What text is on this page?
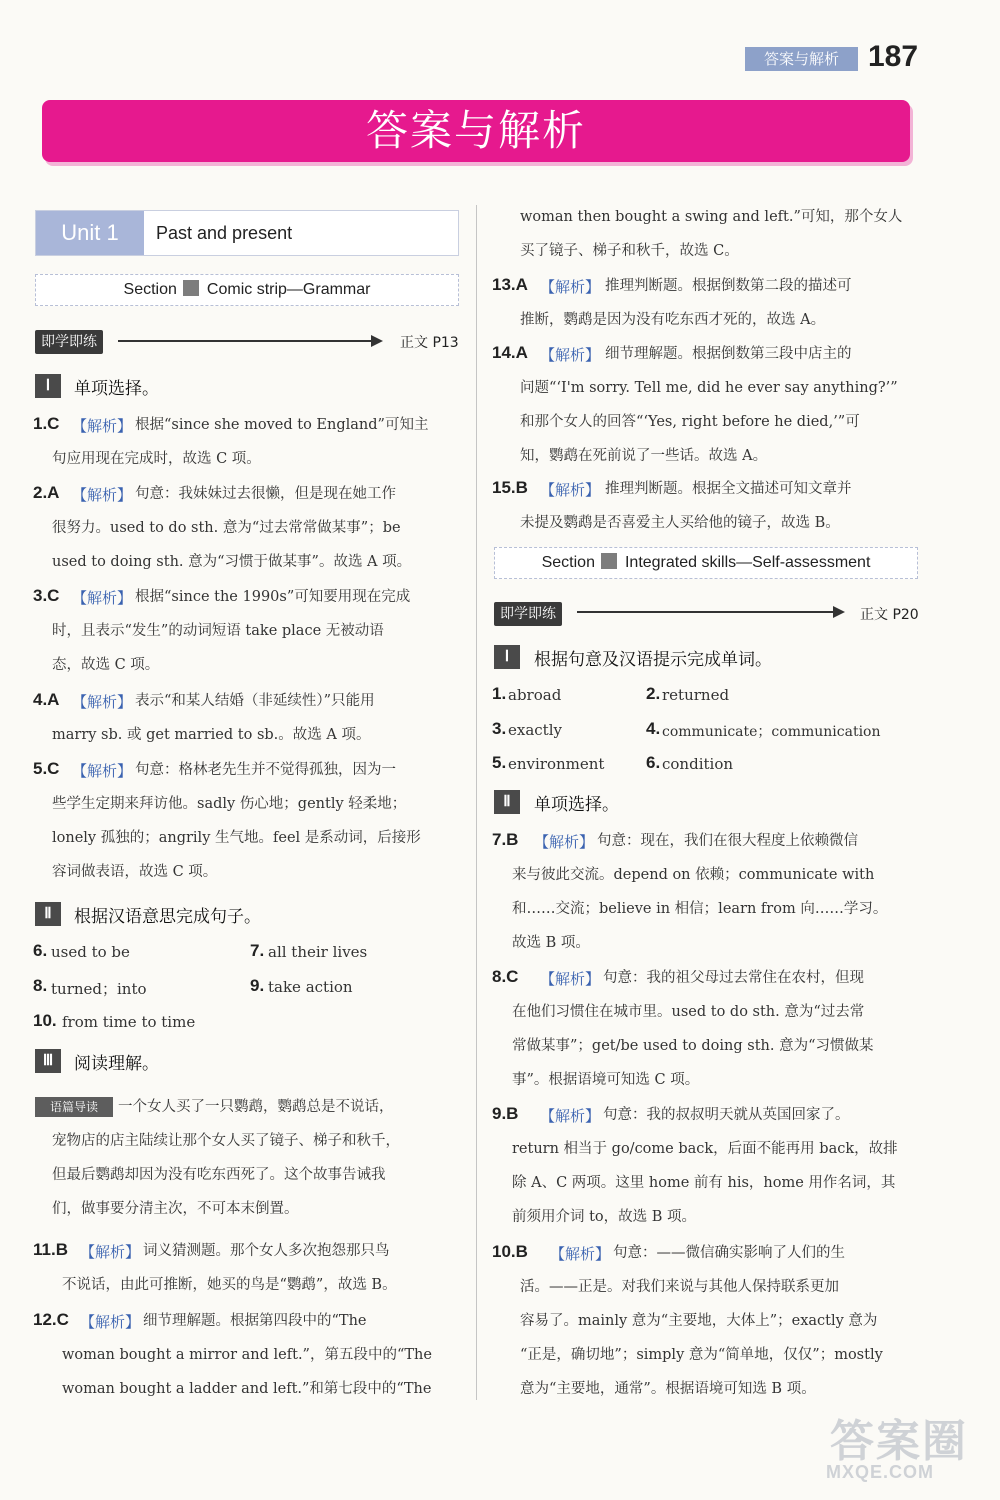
答案与解析 187
答案与解析
Unit 1	Past and present
Section Comic strip—Grammar
即学即练	正文 P13
Ⅰ	单项选择。
1.C 【解析】 根据“since she moved to England”可知主
句应用现在完成时，故选 C 项。
2.A 【解析】 句意：我妹妹过去很懒，但是现在她工作
很努力。used to do sth. 意为“过去常常做某事”；be
used to doing sth. 意为“习惯于做某事”。故选 A 项。
3.C 【解析】 根据“since the 1990s”可知要用现在完成
时，且表示“发生”的动词短语 take place 无被动语
态，故选 C 项。
4.A 【解析】 表示“和某人结婚（非延续性）”只能用
marry sb. 或 get married to sb.。故选 A 项。
5.C 【解析】 句意：格林老先生并不觉得孤独，因为一
些学生定期来拜访他。sadly 伤心地；gently 轻柔地；
lonely 孤独的；angrily 生气地。feel 是系动词，后接形
容词做表语，故选 C 项。
Ⅱ	根据汉语意思完成句子。
6. used to be	7. all their lives
8. turned；into	9. take action
10. from time to time
Ⅲ	阅读理解。
语篇导读	一个女人买了一只鹦鹉，鹦鹉总是不说话，
宠物店的店主陆续让那个女人买了镜子、梯子和秋千，
但最后鹦鹉却因为没有吃东西死了。这个故事告诫我
们，做事要分清主次，不可本末倒置。
11.B 【解析】 词义猜测题。那个女人多次抱怨那只鸟
不说话，由此可推断，她买的鸟是“鹦鹉”，故选 B。
12.C 【解析】 细节理解题。根据第四段中的“The
woman bought a mirror and left.”，第五段中的“The
woman bought a ladder and left.”和第七段中的“The
woman then bought a swing and left.”可知，那个女人
买了镜子、梯子和秋千，故选 C。
13.A 【解析】 推理判断题。根据倒数第二段的描述可
推断，鹦鹉是因为没有吃东西才死的，故选 A。
14.A 【解析】 细节理解题。根据倒数第三段中店主的
问题“‘I'm sorry. Tell me, did he ever say anything?’”
和那个女人的回答“‘Yes, right before he died,’”可
知，鹦鹉在死前说了一些话。故选 A。
15.B 【解析】 推理判断题。根据全文描述可知文章并
未提及鹦鹉是否喜爱主人买给他的镜子，故选 B。
Section Integrated skills—Self-assessment
即学即练	正文 P20
Ⅰ	根据句意及汉语提示完成单词。
1. abroad	2. returned
3. exactly	4. communicate；communication
5. environment 6. condition
Ⅱ	单项选择。
7.B 【解析】 句意：现在，我们在很大程度上依赖微信
来与彼此交流。depend on 依赖；communicate with
和……交流；believe in 相信；learn from 向……学习。
故选 B 项。
8.C 【解析】 句意：我的祖父母过去常住在农村，但现
在他们习惯住在城市里。used to do sth. 意为“过去常
常做某事”；get/be used to doing sth. 意为“习惯做某
事”。根据语境可知选 C 项。
9.B 【解析】 句意：我的叔叔明天就从英国回家了。
return 相当于 go/come back，后面不能再用 back，故排
除 A、C 两项。这里 home 前有 his，home 用作名词，其
前须用介词 to，故选 B 项。
10.B 【解析】 句意：——微信确实影响了人们的生
活。——正是。对我们来说与其他人保持联系更加
容易了。mainly 意为“主要地，大体上”；exactly 意为
“正是，确切地”；simply 意为“简单地，仅仅”；mostly
意为“主要地，通常”。根据语境可知选 B 项。
答案圈
MXQE.COM
